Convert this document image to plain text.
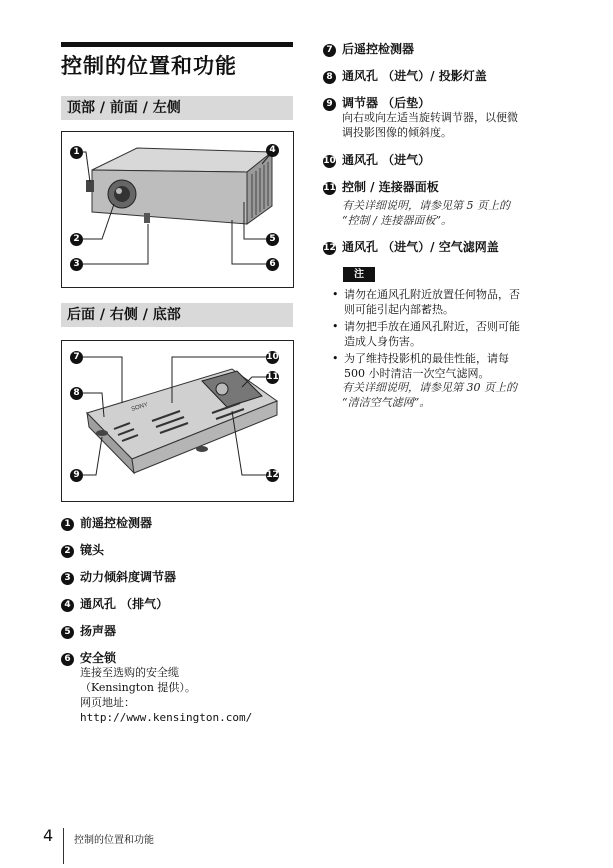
控制的位置和功能
顶部 / 前面 / 左侧
1
2
3
4
5
6
后面 / 右侧 / 底部
SONY
7
8
9
10
11
12
1 前遥控检测器
2 镜头
3 动力倾斜度调节器
4 通风孔 （排气）
5 扬声器
6 安全锁
连接至选购的安全缆
（Kensington 提供）。
网页地址：
http://www.kensington.com/
7 后遥控检测器
8 通风孔 （进气）/ 投影灯盖
9 调节器 （后垫）
向右或向左适当旋转调节器，以便微
调投影图像的倾斜度。
10 通风孔 （进气）
11 控制 / 连接器面板
有关详细说明，请参见第 5 页上的
“控制 / 连接器面板”。
12 通风孔 （进气）/ 空气滤网盖
注
• 请勿在通风孔附近放置任何物品，否
则可能引起内部蓄热。
• 请勿把手放在通风孔附近，否则可能
造成人身伤害。
• 为了维持投影机的最佳性能，请每
500 小时清洁一次空气滤网。
有关详细说明，请参见第 30 页上的
“清洁空气滤网”。
4 控制的位置和功能
